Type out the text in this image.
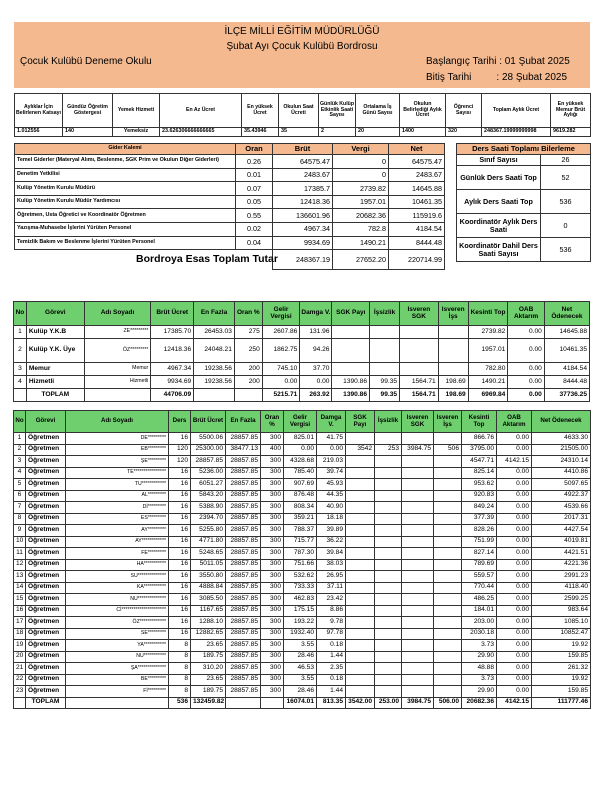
İLÇE MİLLİ EĞİTİM MÜDÜRLÜĞÜ
Şubat Ayı Çocuk Kulübü Bordrosu
Çocuk Kulübü Deneme Okulu	Başlangıç Tarihi : 01 Şubat 2025
Bitiş Tarihi         : 28 Şubat 2025
Aylıklar İçin Belirlenen Katsayı	Gündüz Öğretim Göstergesi	Yemek Hizmeti	En Az Ücret	En yüksek Ücret	Okulun Saat Ücreti	Günlük Kulüp Etkinlik Saati Sayısı	Ortalama İş Günü Sayısı	Okulun Belirlediği Aylık Ücret	Öğrenci Sayısı	Toplam Aylık Ücret	En yüksek Memur Brüt Aylığı
1.012556	140	Yemeksiz	23.626306666666665	35.43946	35	2	20	1400	320	248367.19999999998	9619.282
Gider Kalemi	Oran	Brüt	Vergi	Net
Temel Giderler (Materyal Alımı, Beslenme, SGK Prim ve Okulun Diğer Giderleri)	0.26	64575.47	0	64575.47
Denetim Yetkilisi	0.01	2483.67	0	2483.67
Kulüp Yönetim Kurulu Müdürü	0.07	17385.7	2739.82	14645.88
Kulüp Yönetim Kurulu Müdür Yardımcısı	0.05	12418.36	1957.01	10461.35
Öğretmen, Usta Öğretici ve Koordinatör Öğretmen	0.55	136601.96	20682.36	115919.6
Yazışma-Muhasebe İşlerini Yürüten Personel	0.02	4967.34	782.8	4184.54
Temizlik Bakım ve Beslenme İşlerini Yürüten Personel	0.04	9934.69	1490.21	8444.48
		248367.19	27652.20	220714.99
Bordroya Esas Toplam Tutar
Ders Saati Toplamı Bilerleme	
Sınıf Sayısı	26
Günlük Ders Saati Top	52
Aylık Ders Saati Top	536
Koordinatör Aylık Ders Saati	0
Koordinatör Dahil Ders Saati Sayısı	536
No	Görevi	Adı Soyadı	Brüt Ücret	En Fazla	Oran %	Gelir Vergisi	Damga V.	SGK Payı	İşsizlik	Isveren SGK	Isveren İşs	Kesinti Top	OAB Aktarım	Net Ödenecek
1	Kulüp Y.K.B	ZE*********	17385.70	26453.03	275	2607.86	131.96					2739.82	0.00	14645.88
2	Kulüp Y.K. Üye	ÖZ*********	12418.36	24048.21	250	1862.75	94.26					1957.01	0.00	10461.35
3	Memur	Memur	4967.34	19238.56	200	745.10	37.70					782.80	0.00	4184.54
4	Hizmetli	Hizmetli	9934.69	19238.56	200	0.00	0.00	1390.86	99.35	1564.71	198.69	1490.21	0.00	8444.48
	TOPLAM		44706.09			5215.71	263.92	1390.86	99.35	1564.71	198.69	6969.84	0.00	37736.25
No	Görevi	Adı Soyadı	Ders	Brüt Ücret	En Fazla	Oran %	Gelir Vergisi	Damga V.	SGK Payı	İşsizlik	Isveren SGK	Isveren İşs	Kesinti Top	OAB Aktarım	Net Ödenecek
1	Öğretmen	DE*********	16	5500.06	28857.85	300	825.01	41.75					866.76	0.00	4633.30
2	Öğretmen	EB*********	120	25300.00	38477.13	400	0.00	0.00	3542	253	3984.75	506	3795.00	0.00	21505.00
3	Öğretmen	ŞE*********	120	28857.85	28857.85	300	4328.68	219.03					4547.71	4142.15	24310.14
4	Öğretmen	TE****************	16	5236.00	28857.85	300	785.40	39.74					825.14	0.00	4410.86
5	Öğretmen	TU************	16	6051.27	28857.85	300	907.69	45.93					953.62	0.00	5097.65
6	Öğretmen	AL*********	16	5843.20	28857.85	300	876.48	44.35					920.83	0.00	4922.37
7	Öğretmen	Dİ*********	16	5388.90	28857.85	300	808.34	40.90					849.24	0.00	4539.66
8	Öğretmen	ES*********	16	2394.70	28857.85	300	359.21	18.18					377.39	0.00	2017.31
9	Öğretmen	AY*********	16	5255.80	28857.85	300	788.37	39.89					828.26	0.00	4427.54
10	Öğretmen	AY************	16	4771.80	28857.85	300	715.77	36.22					751.99	0.00	4019.81
11	Öğretmen	FE*********	16	5248.65	28857.85	300	787.30	39.84					827.14	0.00	4421.51
12	Öğretmen	HA***********	16	5011.05	28857.85	300	751.66	38.03					789.69	0.00	4221.36
13	Öğretmen	SU**************	16	3550.80	28857.85	300	532.62	26.95					559.57	0.00	2991.23
14	Öğretmen	KA***********	16	4888.84	28857.85	300	733.33	37.11					770.44	0.00	4118.40
15	Öğretmen	NU**************	16	3085.50	28857.85	300	462.83	23.42					486.25	0.00	2599.25
16	Öğretmen	Cİ**********************	16	1167.65	28857.85	300	175.15	8.86					184.01	0.00	983.64
17	Öğretmen	ÖZ*************	16	1288.10	28857.85	300	193.22	9.78					203.00	0.00	1085.10
18	Öğretmen	SE*********	16	12882.65	28857.85	300	1932.40	97.78					2030.18	0.00	10852.47
19	Öğretmen	YA***********	8	23.65	28857.85	300	3.55	0.18					3.73	0.00	19.92
20	Öğretmen	NU***********	8	189.75	28857.85	300	28.46	1.44					29.90	0.00	159.85
21	Öğretmen	ŞA**************	8	310.20	28857.85	300	46.53	2.35					48.88	0.00	261.32
22	Öğretmen	BE*********	8	23.65	28857.85	300	3.55	0.18					3.73	0.00	19.92
23	Öğretmen	Fİ*********	8	189.75	28857.85	300	28.46	1.44					29.90	0.00	159.85
	TOPLAM		536	132459.82			16074.01	813.35	3542.00	253.00	3984.75	506.00	20682.36	4142.15	111777.46
